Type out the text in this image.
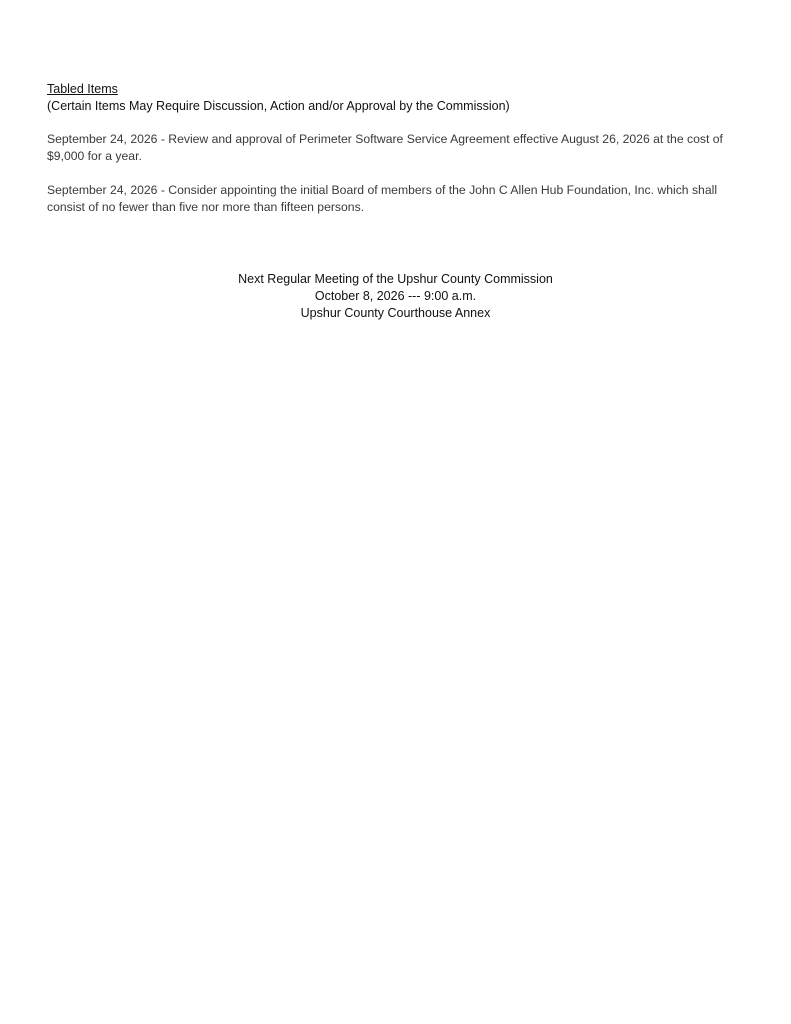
Tabled Items
(Certain Items May Require Discussion, Action and/or Approval by the Commission)

September 24, 2026 - Review and approval of Perimeter Software Service Agreement effective August 26, 2026 at the cost of $9,000 for a year.

September 24, 2026 - Consider appointing the initial Board of members of the John C Allen Hub Foundation, Inc. which shall consist of no fewer than five nor more than fifteen persons.

Next Regular Meeting of the Upshur County Commission
October 8, 2026 --- 9:00 a.m.
Upshur County Courthouse Annex
